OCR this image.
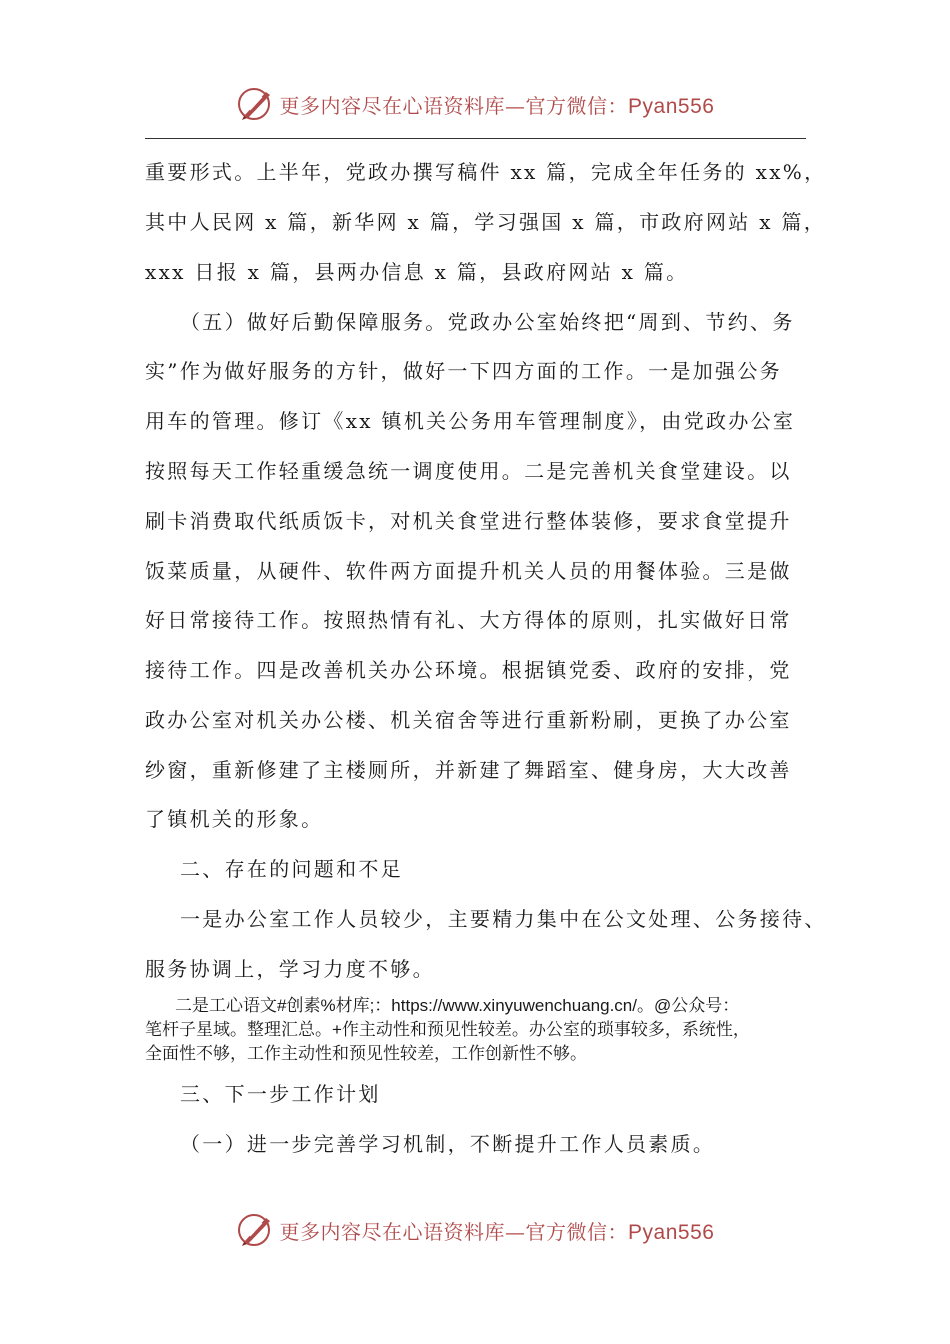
更多内容尽在心语资料库—官方微信：Pyan556
重要形式。上半年，党政办撰写稿件 xx 篇，完成全年任务的 xx%，
其中人民网 x 篇，新华网 x 篇，学习强国 x 篇，市政府网站 x 篇，
xxx 日报 x 篇，县两办信息 x 篇，县政府网站 x 篇。
（五）做好后勤保障服务。党政办公室始终把“周到、节约、务
实”作为做好服务的方针，做好一下四方面的工作。一是加强公务
用车的管理。修订《xx 镇机关公务用车管理制度》，由党政办公室
按照每天工作轻重缓急统一调度使用。二是完善机关食堂建设。以
刷卡消费取代纸质饭卡，对机关食堂进行整体装修，要求食堂提升
饭菜质量，从硬件、软件两方面提升机关人员的用餐体验。三是做
好日常接待工作。按照热情有礼、大方得体的原则，扎实做好日常
接待工作。四是改善机关办公环境。根据镇党委、政府的安排，党
政办公室对机关办公楼、机关宿舍等进行重新粉刷，更换了办公室
纱窗，重新修建了主楼厕所，并新建了舞蹈室、健身房，大大改善
了镇机关的形象。
二、存在的问题和不足
一是办公室工作人员较少，主要精力集中在公文处理、公务接待、
服务协调上，学习力度不够。
二是工心语文#创素%材库;：https://www.xinyuwenchuang.cn/。@公众号：
笔杆子星域。整理汇总。+作主动性和预见性较差。办公室的琐事较多，系统性，
全面性不够，工作主动性和预见性较差，工作创新性不够。
三、下一步工作计划
（一）进一步完善学习机制，不断提升工作人员素质。
更多内容尽在心语资料库—官方微信：Pyan556
